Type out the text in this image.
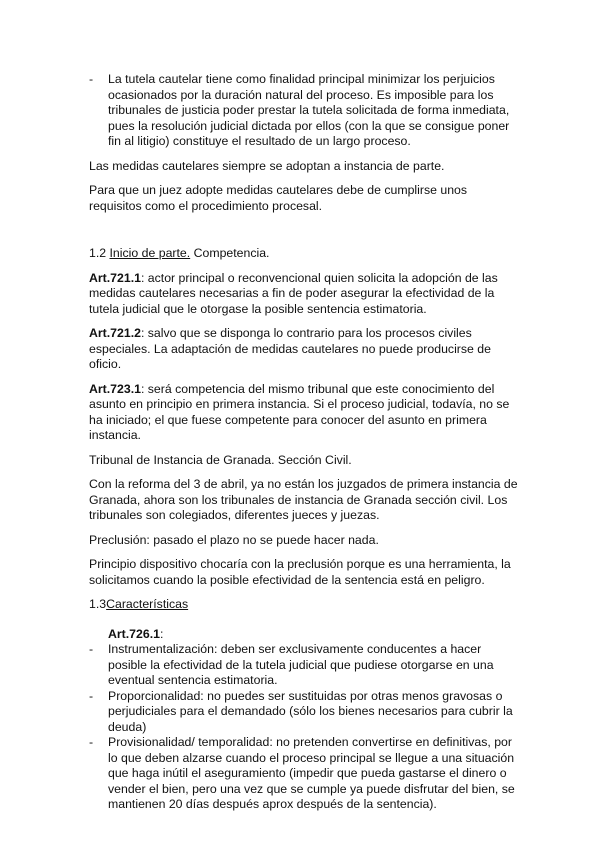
- La tutela cautelar tiene como finalidad principal minimizar los perjuicios ocasionados por la duración natural del proceso. Es imposible para los tribunales de justicia poder prestar la tutela solicitada de forma inmediata, pues la resolución judicial dictada por ellos (con la que se consigue poner fin al litigio) constituye el resultado de un largo proceso.

Las medidas cautelares siempre se adoptan a instancia de parte.

Para que un juez adopte medidas cautelares debe de cumplirse unos requisitos como el procedimiento procesal.

1.2 Inicio de parte. Competencia.

Art.721.1: actor principal o reconvencional quien solicita la adopción de las medidas cautelares necesarias a fin de poder asegurar la efectividad de la tutela judicial que le otorgase la posible sentencia estimatoria.

Art.721.2: salvo que se disponga lo contrario para los procesos civiles especiales. La adaptación de medidas cautelares no puede producirse de oficio.

Art.723.1: será competencia del mismo tribunal que este conocimiento del asunto en principio en primera instancia. Si el proceso judicial, todavía, no se ha iniciado; el que fuese competente para conocer del asunto en primera instancia.

Tribunal de Instancia de Granada. Sección Civil.

Con la reforma del 3 de abril, ya no están los juzgados de primera instancia de Granada, ahora son los tribunales de instancia de Granada sección civil. Los tribunales son colegiados, diferentes jueces y juezas.

Preclusión: pasado el plazo no se puede hacer nada.

Principio dispositivo chocaría con la preclusión porque es una herramienta, la solicitamos cuando la posible efectividad de la sentencia está en peligro.

1.3Características

Art.726.1:

- Instrumentalización: deben ser exclusivamente conducentes a hacer posible la efectividad de la tutela judicial que pudiese otorgarse en una eventual sentencia estimatoria.
- Proporcionalidad: no puedes ser sustituidas por otras menos gravosas o perjudiciales para el demandado (sólo los bienes necesarios para cubrir la deuda)
- Provisionalidad/ temporalidad: no pretenden convertirse en definitivas, por lo que deben alzarse cuando el proceso principal se llegue a una situación que haga inútil el aseguramiento (impedir que pueda gastarse el dinero o vender el bien, pero una vez que se cumple ya puede disfrutar del bien, se mantienen 20 días después aprox después de la sentencia).
